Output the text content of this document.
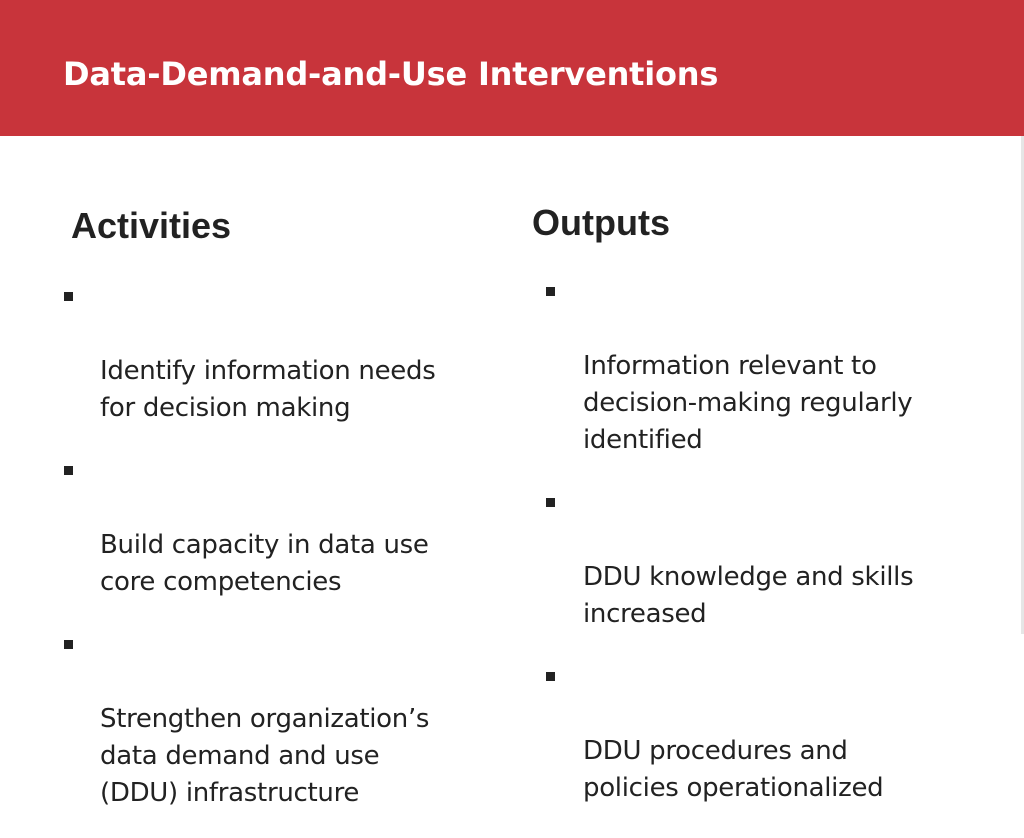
Data-Demand-and-Use Interventions
Activities

Identify information needs
for decision making

Build capacity in data use
core competencies

Strengthen organization’s
data demand and use
(DDU) infrastructure

Outputs

Information relevant to
decision-making regularly
identified

DDU knowledge and skills
increased

DDU procedures and
policies operationalized
